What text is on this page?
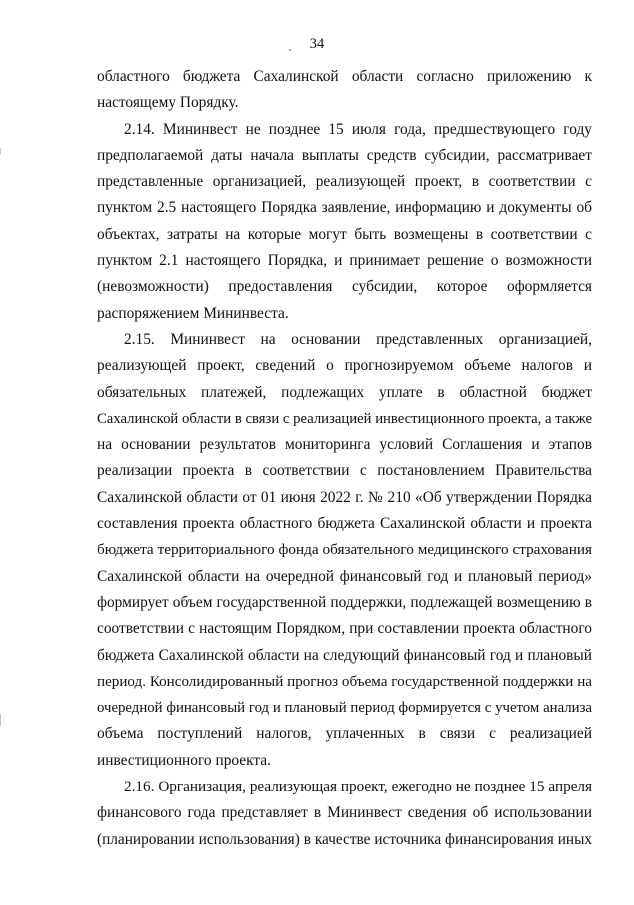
34
областного бюджета Сахалинской области согласно приложению к
настоящему Порядку.
2.14. Мининвест не позднее 15 июля года, предшествующего году
предполагаемой даты начала выплаты средств субсидии, рассматривает
представленные организацией, реализующей проект, в соответствии с
пунктом 2.5 настоящего Порядка заявление, информацию и документы об
объектах, затраты на которые могут быть возмещены в соответствии с
пунктом 2.1 настоящего Порядка, и принимает решение о возможности
(невозможности) предоставления субсидии, которое оформляется
распоряжением Мининвеста.
2.15. Мининвест на основании представленных организацией,
реализующей проект, сведений о прогнозируемом объеме налогов и
обязательных платежей, подлежащих уплате в областной бюджет
Сахалинской области в связи с реализацией инвестиционного проекта, а также
на основании результатов мониторинга условий Соглашения и этапов
реализации проекта в соответствии с постановлением Правительства
Сахалинской области от 01 июня 2022 г. № 210 «Об утверждении Порядка
составления проекта областного бюджета Сахалинской области и проекта
бюджета территориального фонда обязательного медицинского страхования
Сахалинской области на очередной финансовый год и плановый период»
формирует объем государственной поддержки, подлежащей возмещению в
соответствии с настоящим Порядком, при составлении проекта областного
бюджета Сахалинской области на следующий финансовый год и плановый
период. Консолидированный прогноз объема государственной поддержки на
очередной финансовый год и плановый период формируется с учетом анализа
объема поступлений налогов, уплаченных в связи с реализацией
инвестиционного проекта.
2.16. Организация, реализующая проект, ежегодно не позднее 15 апреля
финансового года представляет в Мининвест сведения об использовании
(планировании использования) в качестве источника финансирования иных
